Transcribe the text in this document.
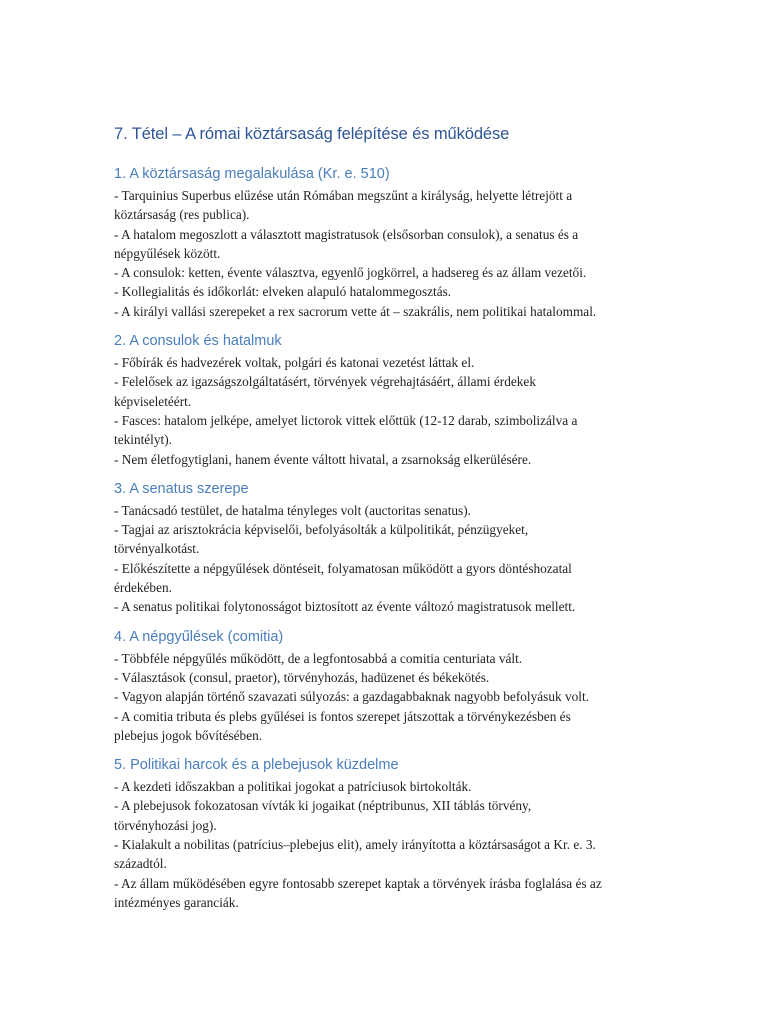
7. Tétel – A római köztársaság felépítése és működése
1. A köztársaság megalakulása (Kr. e. 510)

- Tarquinius Superbus elűzése után Rómában megszűnt a királyság, helyette létrejött a

köztársaság (res publica).

- A hatalom megoszlott a választott magistratusok (elsősorban consulok), a senatus és a

népgyűlések között.

- A consulok: ketten, évente választva, egyenlő jogkörrel, a hadsereg és az állam vezetői.

- Kollegialitás és időkorlát: elveken alapuló hatalommegosztás.

- A királyi vallási szerepeket a rex sacrorum vette át – szakrális, nem politikai hatalommal.

2. A consulok és hatalmuk

- Főbírák és hadvezérek voltak, polgári és katonai vezetést láttak el.

- Felelősek az igazságszolgáltatásért, törvények végrehajtásáért, állami érdekek

képviseletéért.

- Fasces: hatalom jelképe, amelyet lictorok vittek előttük (12-12 darab, szimbolizálva a

tekintélyt).

- Nem életfogytiglani, hanem évente váltott hivatal, a zsarnokság elkerülésére.

3. A senatus szerepe

- Tanácsadó testület, de hatalma tényleges volt (auctoritas senatus).

- Tagjai az arisztokrácia képviselői, befolyásolták a külpolitikát, pénzügyeket,

törvényalkotást.

- Előkészítette a népgyűlések döntéseit, folyamatosan működött a gyors döntéshozatal

érdekében.

- A senatus politikai folytonosságot biztosított az évente változó magistratusok mellett.

4. A népgyűlések (comitia)

- Többféle népgyűlés működött, de a legfontosabbá a comitia centuriata vált.

- Választások (consul, praetor), törvényhozás, hadüzenet és békekötés.

- Vagyon alapján történő szavazati súlyozás: a gazdagabbaknak nagyobb befolyásuk volt.

- A comitia tributa és plebs gyűlései is fontos szerepet játszottak a törvénykezésben és

plebejus jogok bővítésében.

5. Politikai harcok és a plebejusok küzdelme

- A kezdeti időszakban a politikai jogokat a patríciusok birtokolták.

- A plebejusok fokozatosan vívták ki jogaikat (néptribunus, XII táblás törvény,

törvényhozási jog).

- Kialakult a nobilitas (patrícius–plebejus elit), amely irányította a köztársaságot a Kr. e. 3.

századtól.

- Az állam működésében egyre fontosabb szerepet kaptak a törvények írásba foglalása és az

intézményes garanciák.
